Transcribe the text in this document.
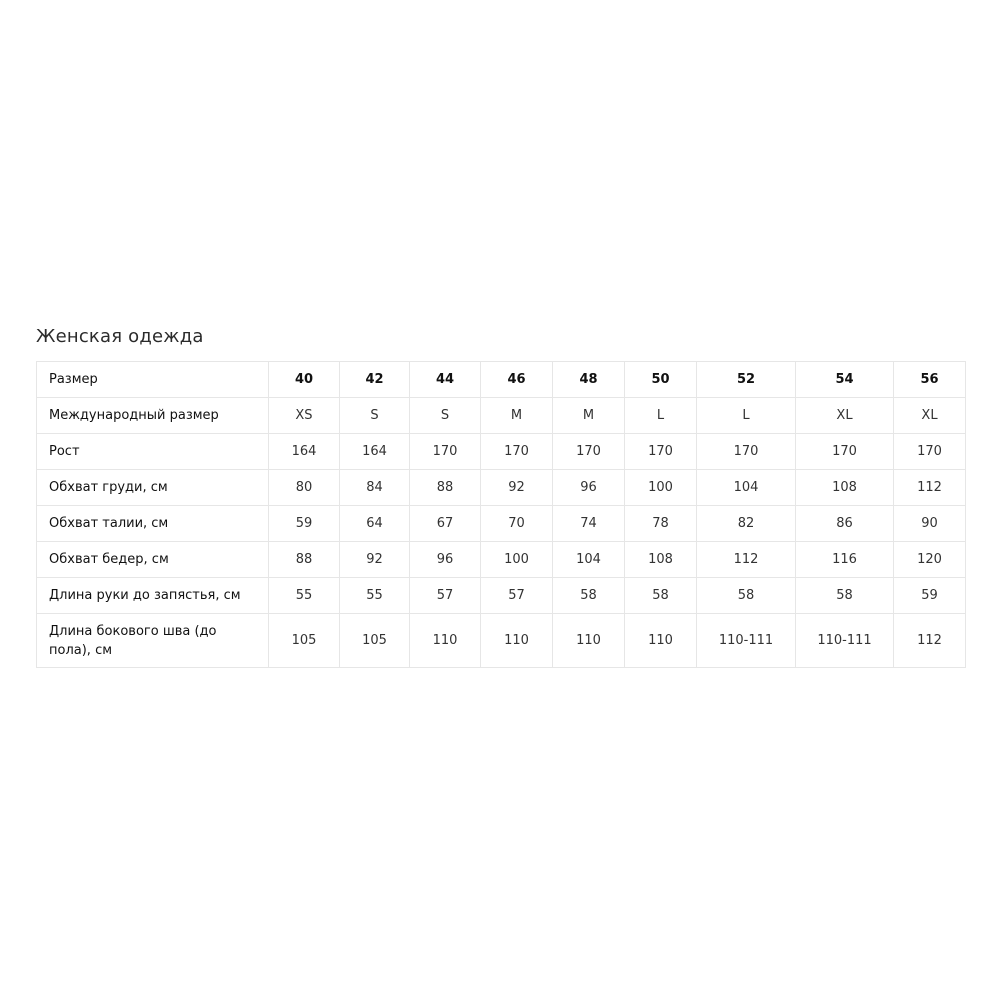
Женская одежда
Размер	40	42	44	46	48	50	52	54	56
Международный размер	XS	S	S	M	M	L	L	XL	XL
Рост	164	164	170	170	170	170	170	170	170
Обхват груди, см	80	84	88	92	96	100	104	108	112
Обхват талии, см	59	64	67	70	74	78	82	86	90
Обхват бедер, см	88	92	96	100	104	108	112	116	120
Длина руки до запястья, см	55	55	57	57	58	58	58	58	59
Длина бокового шва (до пола), см	105	105	110	110	110	110	110-111	110-111	112
